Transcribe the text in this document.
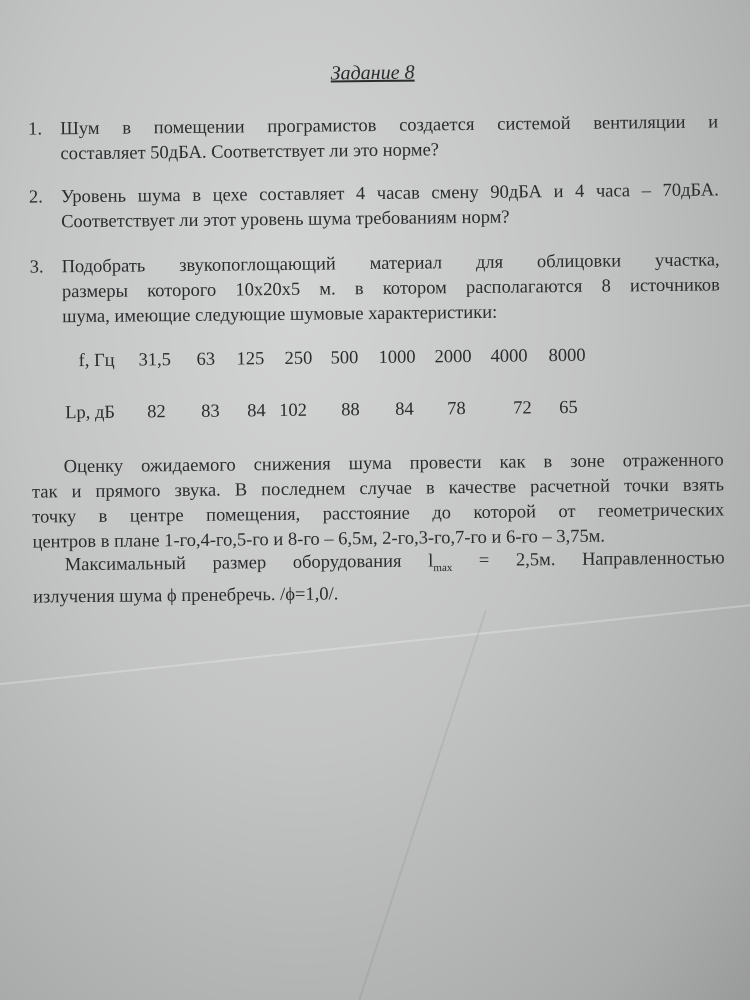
Задание 8
1. Шум в помещении програмистов создается системой вентиляции и
составляет 50дБА. Соответствует ли это норме?
2. Уровень шума в цехе составляет 4 часав смену 90дБА и 4 часа – 70дБА.
Соответствует ли этот уровень шума требованиям норм?
3. Подобрать звукопоглощающий материал для облицовки участка,
размеры которого 10х20х5 м. в котором располагаются 8 источников
шума, имеющие следующие шумовые характеристики:
f, Гц 31,5 63 125 250 500 1000 2000 4000 8000
Lp, дБ 82 83 84 102 88 84 78	72 65
Оценку ожидаемого снижения шума провести как в зоне отраженного
так и прямого звука. В последнем случае в качестве расчетной точки взять
точку в центре помещения, расстояние до которой от геометрических
центров в плане 1-го,4-го,5-го и 8-го – 6,5м, 2-го,3-го,7-го и 6-го – 3,75м.
Максимальный размер оборудования $l_{max} = 2,5м$. Направленностью
излучения шума ϕ пренебречь. /ϕ=1,0/.
